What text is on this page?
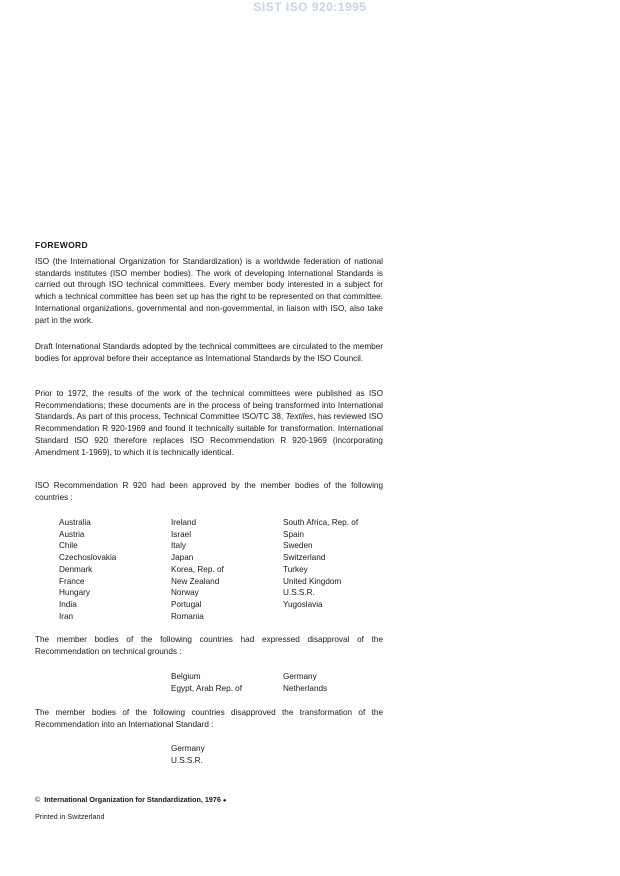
SIST ISO 920:1995
FOREWORD

ISO (the International Organization for Standardization) is a worldwide federation of national standards institutes (ISO member bodies). The work of developing International Standards is carried out through ISO technical committees. Every member body interested in a subject for which a technical committee has been set up has the right to be represented on that committee. International organizations, governmental and non-governmental, in liaison with ISO, also take part in the work.

Draft International Standards adopted by the technical committees are circulated to the member bodies for approval before their acceptance as International Standards by the ISO Council.

Prior to 1972, the results of the work of the technical committees were published as ISO Recommendations; these documents are in the process of being transformed into International Standards. As part of this process, Technical Committee ISO/TC 38, Textiles, has reviewed ISO Recommendation R 920-1969 and found it technically suitable for transformation. International Standard ISO 920 therefore replaces ISO Recommendation R 920-1969 (incorporating Amendment 1-1969), to which it is technically identical.

ISO Recommendation R 920 had been approved by the member bodies of the following countries :

Australia
Austria
Chile
Czechoslovakia
Denmark
France
Hungary
India
Iran
Ireland
Israel
Italy
Japan
Korea, Rep. of
New Zealand
Norway
Portugal
Romania
South Africa, Rep. of
Spain
Sweden
Switzerland
Turkey
United Kingdom
U.S.S.R.
Yugoslavia

The member bodies of the following countries had expressed disapproval of the Recommendation on technical grounds :

Belgium
Egypt, Arab Rep. of
Germany
Netherlands

The member bodies of the following countries disapproved the transformation of the Recommendation into an International Standard :

Germany
U.S.S.R.
© International Organization for Standardization, 1976 ●
Printed in Switzerland
